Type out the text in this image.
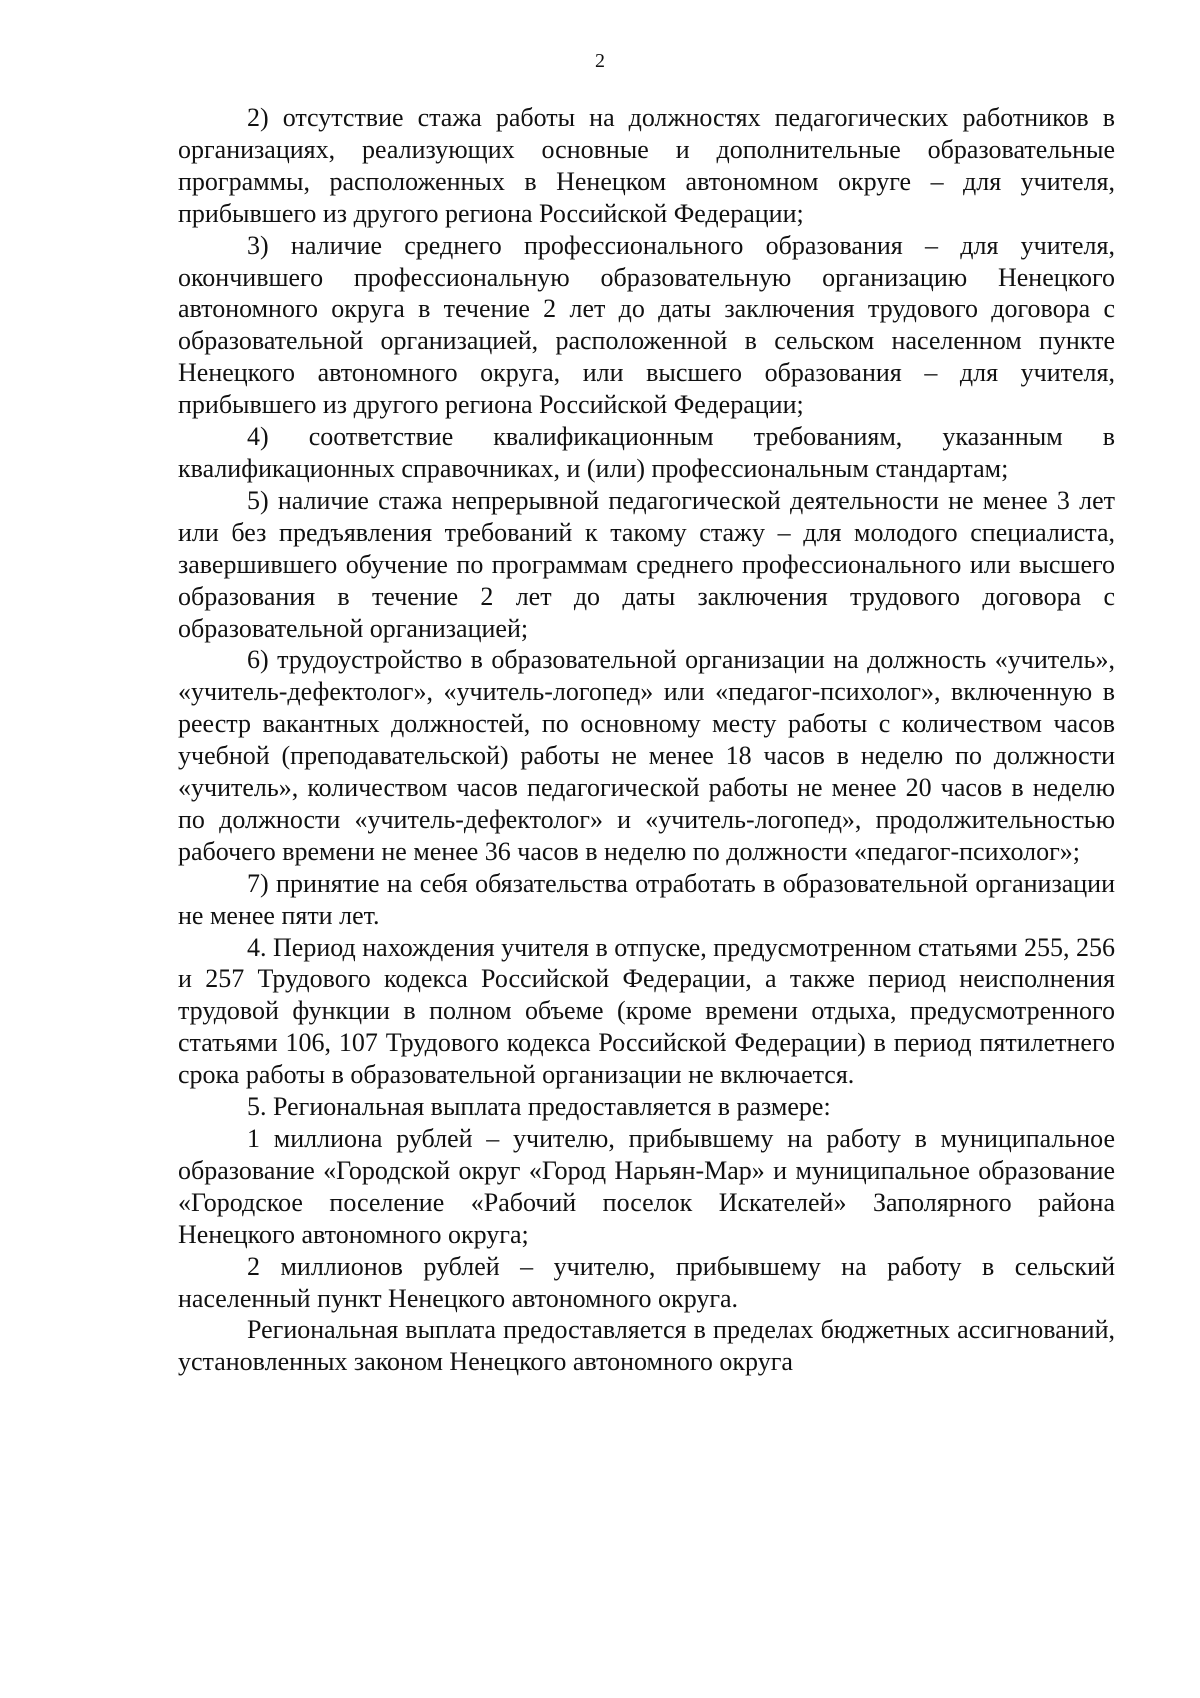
2

2) отсутствие стажа работы на должностях педагогических работников в организациях, реализующих основные и дополнительные образовательные программы, расположенных в Ненецком автономном округе – для учителя, прибывшего из другого региона Российской Федерации;

3) наличие среднего профессионального образования – для учителя, окончившего профессиональную образовательную организацию Ненецкого автономного округа в течение 2 лет до даты заключения трудового договора с образовательной организацией, расположенной в сельском населенном пункте Ненецкого автономного округа, или высшего образования – для учителя, прибывшего из другого региона Российской Федерации;

4) соответствие квалификационным требованиям, указанным в квалификационных справочниках, и (или) профессиональным стандартам;

5) наличие стажа непрерывной педагогической деятельности не менее 3 лет или без предъявления требований к такому стажу – для молодого специалиста, завершившего обучение по программам среднего профессионального или высшего образования в течение 2 лет до даты заключения трудового договора с образовательной организацией;

6) трудоустройство в образовательной организации на должность «учитель», «учитель-дефектолог», «учитель-логопед» или «педагог-психолог», включенную в реестр вакантных должностей, по основному месту работы с количеством часов учебной (преподавательской) работы не менее 18 часов в неделю по должности «учитель», количеством часов педагогической работы не менее 20 часов в неделю по должности «учитель-дефектолог» и «учитель-логопед», продолжительностью рабочего времени не менее 36 часов в неделю по должности «педагог-психолог»;

7) принятие на себя обязательства отработать в образовательной организации не менее пяти лет.

4. Период нахождения учителя в отпуске, предусмотренном статьями 255, 256 и 257 Трудового кодекса Российской Федерации, а также период неисполнения трудовой функции в полном объеме (кроме времени отдыха, предусмотренного статьями 106, 107 Трудового кодекса Российской Федерации) в период пятилетнего срока работы в образовательной организации не включается.

5. Региональная выплата предоставляется в размере:

1 миллиона рублей – учителю, прибывшему на работу в муниципальное образование «Городской округ «Город Нарьян-Мар» и муниципальное образование «Городское поселение «Рабочий поселок Искателей» Заполярного района Ненецкого автономного округа;

2 миллионов рублей – учителю, прибывшему на работу в сельский населенный пункт Ненецкого автономного округа.

Региональная выплата предоставляется в пределах бюджетных ассигнований, установленных законом Ненецкого автономного округа
